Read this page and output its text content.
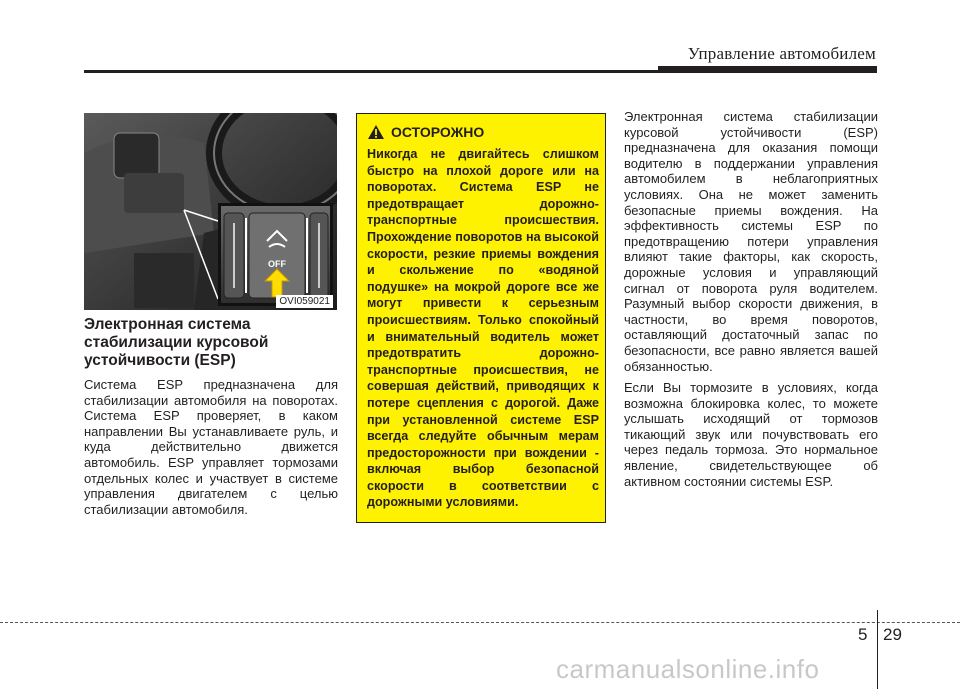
Управление автомобилем
OFF
OVI059021
Электронная система стабилизации курсовой устойчивости (ESP)

Система ESP предназначена для стабилизации автомобиля на поворотах. Система ESP проверяет, в каком направлении Вы устанавливаете руль, и куда действительно движется автомобиль. ESP управляет тормозами отдельных колес и участвует в системе управления двигателем с целью стабилизации автомобиля.

ОСТОРОЖНО

Никогда не двигайтесь слишком быстро на плохой дороге или на поворотах. Система ESP не предотвращает дорожно-транспортные происшествия. Прохождение поворотов на высокой скорости, резкие приемы вождения и скольжение по «водяной подушке» на мокрой дороге все же могут привести к серьезным происшествиям. Только спокойный и внимательный водитель может предотвратить дорожно-транспортные происшествия, не совершая действий, приводящих к потере сцепления с дорогой. Даже при установленной системе ESP всегда следуйте обычным мерам предосторожности при вождении - включая выбор безопасной скорости в соответствии с дорожными условиями.

Электронная система стабилизации курсовой устойчивости (ESP) предназначена для оказания помощи водителю в поддержании управления автомобилем в неблагоприятных условиях. Она не может заменить безопасные приемы вождения. На эффективность системы ESP по предотвращению потери управления влияют такие факторы, как скорость, дорожные условия и управляющий сигнал от поворота руля водителем. Разумный выбор скорости движения, в частности, во время поворотов, оставляющий достаточный запас по безопасности, все равно является вашей обязанностью.

Если Вы тормозите в условиях, когда возможна блокировка колес, то можете услышать исходящий от тормозов тикающий звук или почувствовать его через педаль тормоза. Это нормальное явление, свидетельствующее об активном состоянии системы ESP.

5 29
carmanualsonline.info
